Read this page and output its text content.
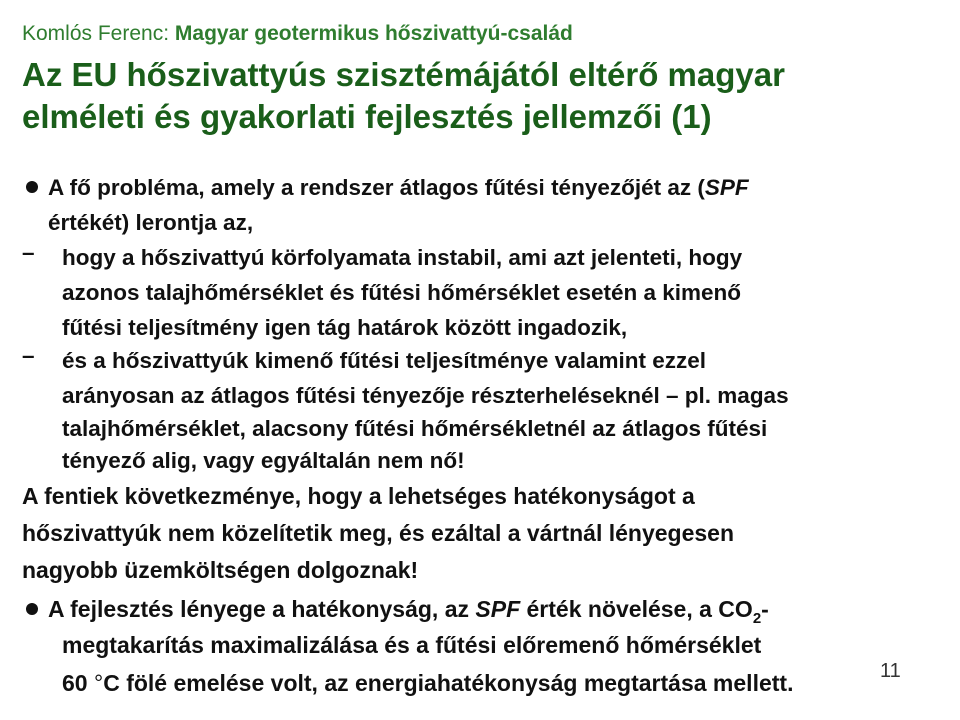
Komlós Ferenc: Magyar geotermikus hőszivattyú-család
Az EU hőszivattyús szisztémájától eltérő magyar
elméleti és gyakorlati fejlesztés jellemzői (1)
A fő probléma, amely a rendszer átlagos fűtési tényezőjét az (SPF
értékét) lerontja az,
– hogy a hőszivattyú körfolyamata instabil, ami azt jelenteti, hogy
azonos talajhőmérséklet és fűtési hőmérséklet esetén a kimenő
fűtési teljesítmény igen tág határok között ingadozik,
– és a hőszivattyúk kimenő fűtési teljesítménye valamint ezzel
arányosan az átlagos fűtési tényezője részterheléseknél – pl. magas
talajhőmérséklet, alacsony fűtési hőmérsékletnél az átlagos fűtési
tényező alig, vagy egyáltalán nem nő!
A fentiek következménye, hogy a lehetséges hatékonyságot a
hőszivattyúk nem közelítetik meg, és ezáltal a vártnál lényegesen
nagyobb üzemköltségen dolgoznak!
A fejlesztés lényege a hatékonyság, az SPF érték növelése, a $CO_2-$
megtakarítás maximalizálása és a fűtési előremenő hőmérséklet
60 °C fölé emelése volt, az energiahatékonyság megtartása mellett.	11
